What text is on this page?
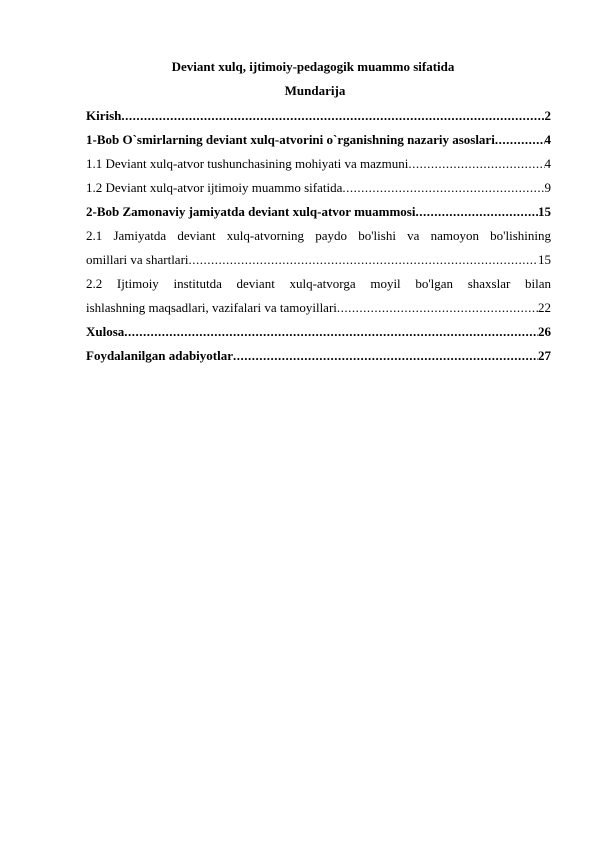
Deviant xulq, ijtimoiy-pedagogik muammo sifatida
Mundarija
Kirish .....	2
1-Bob O`smirlarning deviant xulq-atvorini o`rganishning nazariy asoslari .....	4
1.1 Deviant xulq-atvor tushunchasining mohiyati va mazmuni .....	4
1.2 Deviant xulq-atvor ijtimoiy muammo sifatida .....	9
2-Bob Zamonaviy jamiyatda deviant xulq-atvor muammosi .....	15
2.1 Jamiyatda deviant xulq-atvorning paydo bo'lishi va namoyon bo'lishining
omillari va shartlari .....	15
2.2 Ijtimoiy institutda deviant xulq-atvorga moyil bo'lgan shaxslar bilan
ishlashning maqsadlari, vazifalari va tamoyillari .....	22
Xulosa .....	26
Foydalanilgan adabiyotlar .....	27
